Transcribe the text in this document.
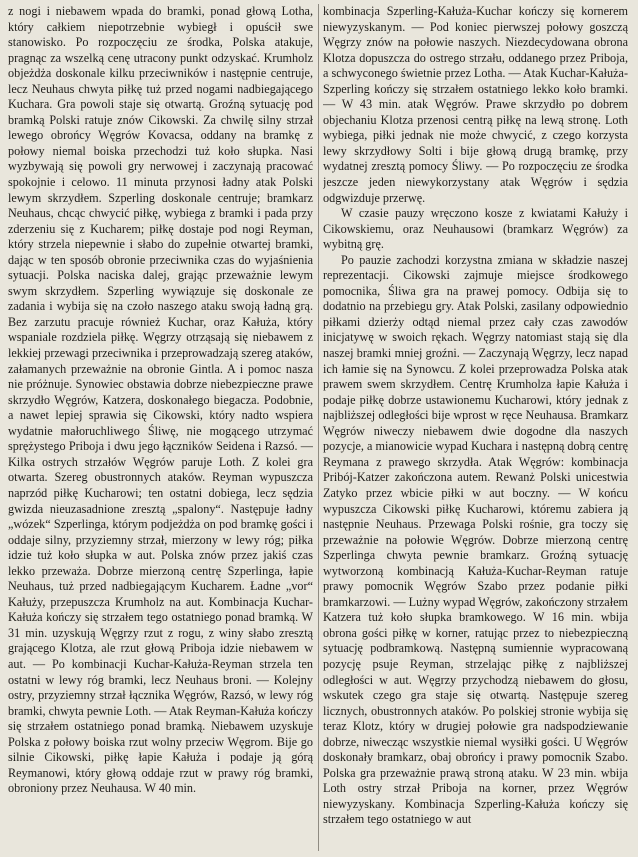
z nogi i niebawem wpada do bramki, ponad głową Lotha, który całkiem niepotrzebnie wybiegł i opuścił swe stanowisko. Po rozpoczęciu ze środka, Polska atakuje, pragnąc za wszelką cenę utracony punkt odzyskać. Krumholz objeżdża doskonale kilku przeciwników i następnie centruje, lecz Neuhaus chwyta piłkę tuż przed nogami nadbiegającego Kuchara. Gra powoli staje się otwartą. Groźną sytuację pod bramką Polski ratuje znów Cikowski. Za chwilę silny strzał lewego obrońcy Węgrów Kovacsa, oddany na bramkę z połowy niemal boiska przechodzi tuż koło słupka. Nasi wyzbywają się powoli gry nerwowej i zaczynają pracować spokojnie i celowo. 11 minuta przynosi ładny atak Polski lewym skrzydłem. Szperling doskonale centruje; bramkarz Neuhaus, chcąc chwycić piłkę, wybiega z bramki i pada przy zderzeniu się z Kucharem; piłkę dostaje pod nogi Reyman, który strzela niepewnie i słabo do zupełnie otwartej bramki, dając w ten sposób obronie przeciwnika czas do wyjaśnienia sytuacji. Polska naciska dalej, grając przeważnie lewym swym skrzydłem. Szperling wywiązuje się doskonale ze zadania i wybija się na czoło naszego ataku swoją ładną grą. Bez zarzutu pracuje również Kuchar, oraz Kałuża, który wspaniale rozdziela piłkę. Węgrzy otrząsają się niebawem z lekkiej przewagi przeciwnika i przeprowadzają szereg ataków, załamanych przeważnie na obronie Gintla. A i pomoc nasza nie próżnuje. Synowiec obstawia dobrze niebezpieczne prawe skrzydło Węgrów, Katzera, doskonałego biegacza. Podobnie, a nawet lepiej sprawia się Cikowski, który nadto wspiera wydatnie małoruchliwego Śliwę, nie mogącego utrzymać sprężystego Priboja i dwu jego łączników Seidena i Razsó. — Kilka ostrych strzałów Węgrów paruje Loth. Z kolei gra otwarta. Szereg obustronnych ataków. Reyman wypuszcza naprzód piłkę Kucharowi; ten ostatni dobiega, lecz sędzia gwizda nieuzasadnione zresztą „spalony“. Następuje ładny „wózek“ Szperlinga, którym podjeżdża on pod bramkę gości i oddaje silny, przyziemny strzał, mierzony w lewy róg; piłka idzie tuż koło słupka w aut. Polska znów przez jakiś czas lekko przeważa. Dobrze mierzoną centrę Szperlinga, łapie Neuhaus, tuż przed nadbiegającym Kucharem. Ładne „vor“ Kałuży, przepuszcza Krumholz na aut. Kombinacja Kuchar-Kałuża kończy się strzałem tego ostatniego ponad bramką. W 31 min. uzyskują Węgrzy rzut z rogu, z winy słabo zresztą grającego Klotza, ale rzut głową Priboja idzie niebawem w aut. — Po kombinacji Kuchar-Kałuża-Reyman strzela ten ostatni w lewy róg bramki, lecz Neuhaus broni. — Kolejny ostry, przyziemny strzał łącznika Węgrów, Razsó, w lewy róg bramki, chwyta pewnie Loth. — Atak Reyman-Kałuża kończy się strzałem ostatniego ponad bramką. Niebawem uzyskuje Polska z połowy boiska rzut wolny przeciw Węgrom. Bije go silnie Cikowski, piłkę łapie Kałuża i podaje ją górą Reymanowi, który głową oddaje rzut w prawy róg bramki, obroniony przez Neuhausa. W 40 min.

kombinacja Szperling-Kałuża-Kuchar kończy się kornerem niewyzyskanym. — Pod koniec pierwszej połowy goszczą Węgrzy znów na połowie naszych. Niezdecydowana obrona Klotza dopuszcza do ostrego strzału, oddanego przez Priboja, a schwyconego świetnie przez Lotha. — Atak Kuchar-Kałuża-Szperling kończy się strzałem ostatniego lekko koło bramki. — W 43 min. atak Węgrów. Prawe skrzydło po dobrem objechaniu Klotza przenosi centrą piłkę na lewą stronę. Loth wybiega, piłki jednak nie może chwycić, z czego korzysta lewy skrzydłowy Solti i bije głową drugą bramkę, przy wydatnej zresztą pomocy Śliwy. — Po rozpoczęciu ze środka jeszcze jeden niewykorzystany atak Węgrów i sędzia odgwizduje przerwę.

W czasie pauzy wręczono kosze z kwiatami Kałużу i Cikowskiemu, oraz Neuhausowi (bramkarz Węgrów) za wybitną grę.

Po pauzie zachodzi korzystna zmiana w składzie naszej reprezentacji. Cikowski zajmuje miejsce środkowego pomocnika, Śliwa gra na prawej pomocy. Odbija się to dodatnio na przebiegu gry. Atak Polski, zasilany odpowiednio piłkami dzierży odtąd niemal przez cały czas zawodów inicjatywę w swoich rękach. Węgrzy natomiast stają się dla naszej bramki mniej groźni. — Zaczynają Węgrzy, lecz napad ich łamie się na Synowcu. Z kolei przeprowadza Polska atak prawem swem skrzydłem. Centrę Krumholza łapie Kałuża i podaje piłkę dobrze ustawionemu Kucharowi, który jednak z najbliższej odległości bije wprost w ręce Neuhausa. Bramkarz Węgrów niweczy niebawem dwie dogodne dla naszych pozycje, a mianowicie wypad Kuchara i następną dobrą centrę Reymana z prawego skrzydła. Atak Węgrów: kombinacja Pribój-Katzer zakończona autem. Rewanż Polski unicestwia Zatyko przez wbicie piłki w aut boczny. — W końcu wypuszcza Cikowski piłkę Kucharowi, któremu zabiera ją następnie Neuhaus. Przewaga Polski rośnie, gra toczy się przeważnie na połowie Węgrów. Dobrze mierzoną centrę Szperlinga chwyta pewnie bramkarz. Groźną sytuację wytworzoną kombinacją Kałuża-Kuchar-Reyman ratuje prawy pomocnik Węgrów Szabo przez podanie piłki bramkarzowi. — Lużny wypad Węgrów, zakończony strzałem Katzera tuż koło słupka bramkowego. W 16 min. wbija obrona gości piłkę w korner, ratując przez to niebezpieczną sytuację podbramkową. Następną sumiennie wypracowaną pozycję psuje Reyman, strzelając piłkę z najbliższej odległości w aut. Węgrzy przychodzą niebawem do głosu, wskutek czego gra staje się otwartą. Następuje szereg licznych, obustronnych ataków. Po polskiej stronie wybija się teraz Klotz, który w drugiej połowie gra nadspodziewanie dobrze, niwecząc wszystkie niemal wysiłki gości. U Węgrów doskonały bramkarz, obaj obrońcy i prawy pomocnik Szabo. Polska gra przeważnie prawą stroną ataku. W 23 min. wbija Loth ostry strzał Priboja na korner, przez Węgrów niewyzyskany. Kombinacja Szperling-Kałuża kończy się strzałem tego ostatniego w aut
